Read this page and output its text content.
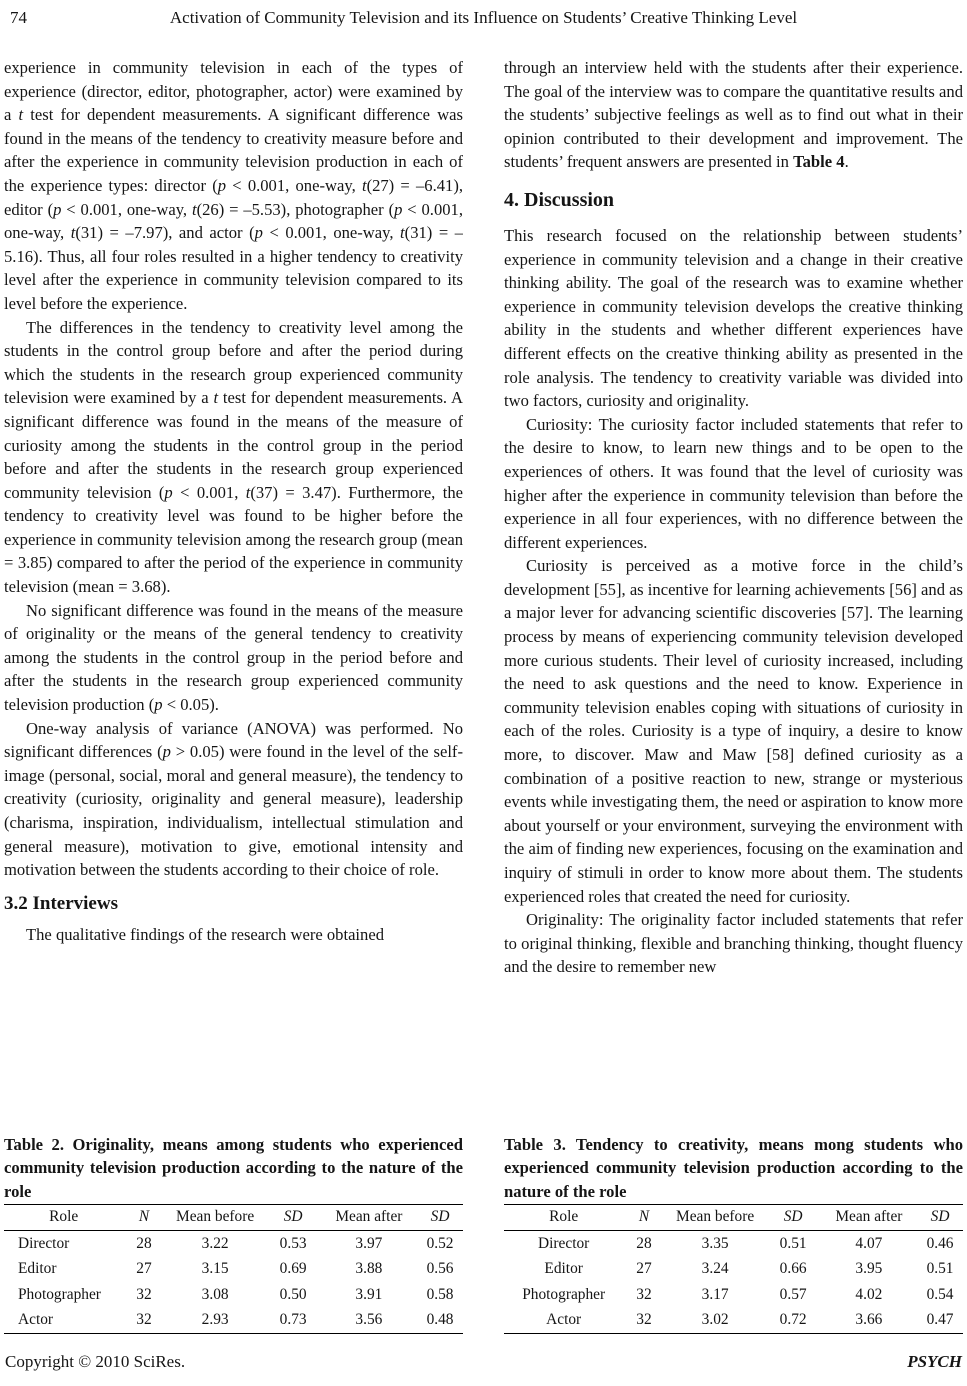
74	Activation of Community Television and its Influence on Students’ Creative Thinking Level

experience in community television in each of the types of experience (director, editor, photographer, actor) were examined by a t test for dependent measurements. A significant difference was found in the means of the tendency to creativity measure before and after the experience in community television production in each of the experience types: director (p < 0.001, one-way, t(27) = –6.41), editor (p < 0.001, one-way, t(26) = –5.53), photographer (p < 0.001, one-way, t(31) = –7.97), and actor (p < 0.001, one-way, t(31) = –5.16). Thus, all four roles resulted in a higher tendency to creativity level after the experience in community television compared to its level before the experience.

The differences in the tendency to creativity level among the students in the control group before and after the period during which the students in the research group experienced community television were examined by a t test for dependent measurements. A significant difference was found in the means of the measure of curiosity among the students in the control group in the period before and after the students in the research group experienced community television (p < 0.001, t(37) = 3.47). Furthermore, the tendency to creativity level was found to be higher before the experience in community television among the research group (mean = 3.85) compared to after the period of the experience in community television (mean = 3.68).

No significant difference was found in the means of the measure of originality or the means of the general tendency to creativity among the students in the control group in the period before and after the students in the research group experienced community television production (p < 0.05).

One-way analysis of variance (ANOVA) was performed. No significant differences (p > 0.05) were found in the level of the self-image (personal, social, moral and general measure), the tendency to creativity (curiosity, originality and general measure), leadership (charisma, inspiration, individualism, intellectual stimulation and general measure), motivation to give, emotional intensity and motivation between the students according to their choice of role.

3.2 Interviews

The qualitative findings of the research were obtained

Table 2. Originality, means among students who experienced community television production according to the nature of the role

Role	N	Mean before	SD	Mean after	SD
Director	28	3.22	0.53	3.97	0.52
Editor	27	3.15	0.69	3.88	0.56
Photographer	32	3.08	0.50	3.91	0.58
Actor	32	2.93	0.73	3.56	0.48

through an interview held with the students after their experience. The goal of the interview was to compare the quantitative results and the students’ subjective feelings as well as to find out what in their opinion contributed to their development and improvement. The students’ frequent answers are presented in Table 4.

4. Discussion

This research focused on the relationship between students’ experience in community television and a change in their creative thinking ability. The goal of the research was to examine whether experience in community television develops the creative thinking ability in the students and whether different experiences have different effects on the creative thinking ability as presented in the role analysis. The tendency to creativity variable was divided into two factors, curiosity and originality.

Curiosity: The curiosity factor included statements that refer to the desire to know, to learn new things and to be open to the experiences of others. It was found that the level of curiosity was higher after the experience in community television than before the experience in all four experiences, with no difference between the different experiences.

Curiosity is perceived as a motive force in the child’s development [55], as incentive for learning achievements [56] and as a major lever for advancing scientific discoveries [57]. The learning process by means of experiencing community television developed more curious students. Their level of curiosity increased, including the need to ask questions and the need to know. Experience in community television enables coping with situations of curiosity in each of the roles. Curiosity is a type of inquiry, a desire to know more, to discover. Maw and Maw [58] defined curiosity as a combination of a positive reaction to new, strange or mysterious events while investigating them, the need or aspiration to know more about yourself or your environment, surveying the environment with the aim of finding new experiences, focusing on the examination and inquiry of stimuli in order to know more about them. The students experienced roles that created the need for curiosity.

Originality: The originality factor included statements that refer to original thinking, flexible and branching thinking, thought fluency and the desire to remember new

Table 3. Tendency to creativity, means mong students who experienced community television production according to the nature of the role

Role	N	Mean before	SD	Mean after	SD
Director	28	3.35	0.51	4.07	0.46
Editor	27	3.24	0.66	3.95	0.51
Photographer	32	3.17	0.57	4.02	0.54
Actor	32	3.02	0.72	3.66	0.47
Copyright © 2010 SciRes.	PSYCH
